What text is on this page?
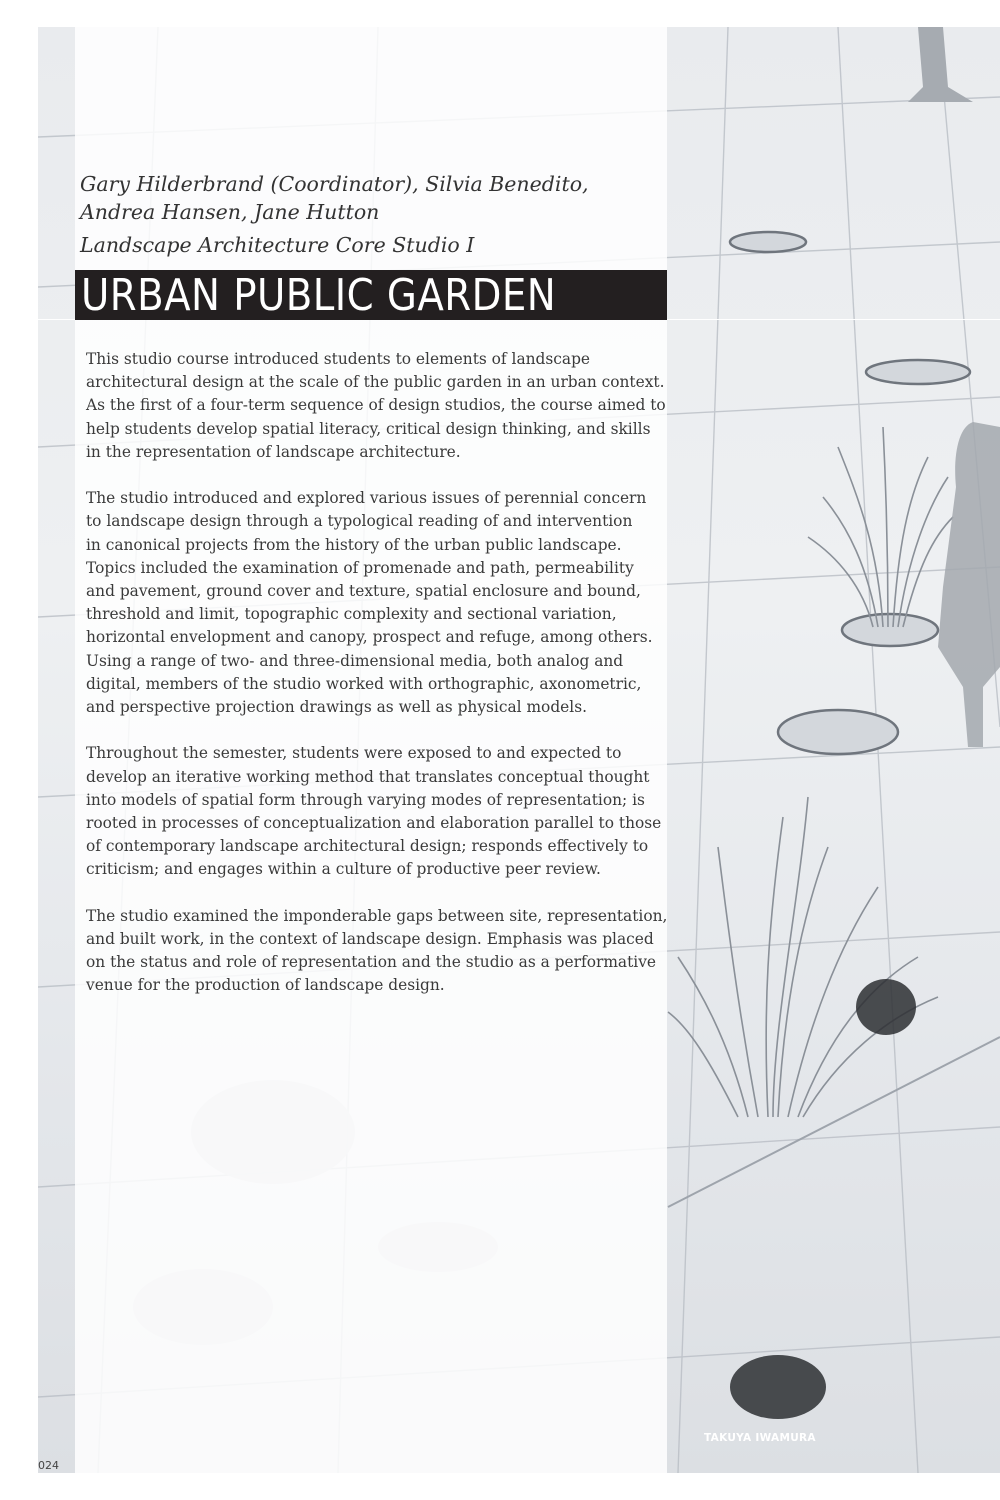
Gary Hilderbrand (Coordinator), Silvia Benedito,
Andrea Hansen, Jane Hutton
Landscape Architecture Core Studio I
URBAN PUBLIC GARDEN

This studio course introduced students to elements of landscape
architectural design at the scale of the public garden in an urban context.
As the first of a four-term sequence of design studios, the course aimed to
help students develop spatial literacy, critical design thinking, and skills
in the representation of landscape architecture.

The studio introduced and explored various issues of perennial concern
to landscape design through a typological reading of and intervention
in canonical projects from the history of the urban public landscape.
Topics included the examination of promenade and path, permeability
and pavement, ground cover and texture, spatial enclosure and bound,
threshold and limit, topographic complexity and sectional variation,
horizontal envelopment and canopy, prospect and refuge, among others.
Using a range of two- and three-dimensional media, both analog and
digital, members of the studio worked with orthographic, axonometric,
and perspective projection drawings as well as physical models.

Throughout the semester, students were exposed to and expected to
develop an iterative working method that translates conceptual thought
into models of spatial form through varying modes of representation; is
rooted in processes of conceptualization and elaboration parallel to those
of contemporary landscape architectural design; responds effectively to
criticism; and engages within a culture of productive peer review.

The studio examined the imponderable gaps between site, representation,
and built work, in the context of landscape design. Emphasis was placed
on the status and role of representation and the studio as a performative
venue for the production of landscape design.

TAKUYA IWAMURA
024
